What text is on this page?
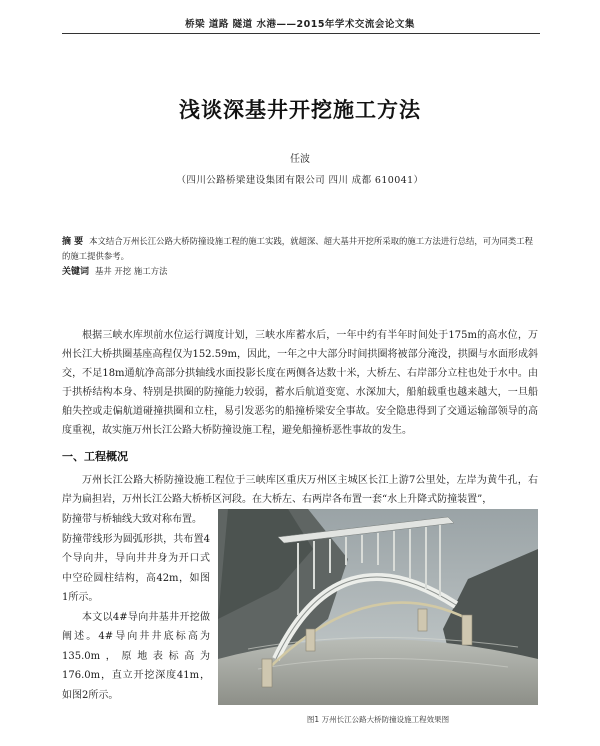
桥梁 道路 隧道 水港——2015年学术交流会论文集
浅谈深基井开挖施工方法
任波
（四川公路桥梁建设集团有限公司 四川 成都 610041）

摘 要 本文结合万州长江公路大桥防撞设施工程的施工实践，就超深、超大基井开挖所采取的施工方法进行总结，可为同类工程的施工提供参考。

关键词 基井 开挖 施工方法

根据三峡水库坝前水位运行调度计划，三峡水库蓄水后，一年中约有半年时间处于175m的高水位，万州长江大桥拱圈基座高程仅为152.59m，因此，一年之中大部分时间拱圈将被部分淹没，拱圈与水面形成斜交，不足18m通航净高部分拱轴线水面投影长度在两侧各达数十米，大桥左、右岸部分立柱也处于水中。由于拱桥结构本身、特别是拱圈的防撞能力较弱，蓄水后航道变宽、水深加大，船舶载重也越来越大，一旦船舶失控或走偏航道碰撞拱圈和立柱，易引发恶劣的船撞桥梁安全事故。安全隐患得到了交通运输部领导的高度重视，故实施万州长江公路大桥防撞设施工程，避免船撞桥恶性事故的发生。

一、工程概况

万州长江公路大桥防撞设施工程位于三峡库区重庆万州区主城区长江上游7公里处，左岸为黄牛孔，右岸为扁担岩，万州长江公路大桥桥区河段。在大桥左、右两岸各布置一套“水上升降式防撞装置”，

防撞带与桥轴线大致对称布置。
防撞带线形为圆弧形拱，共布置4个导向井，导向井井身为开口式中空砼圆柱结构，高42m，如图1所示。
本文以4#导向井基井开挖做阐述。4#导向井井底标高为135.0m，原地表标高为176.0m，直立开挖深度41m，如图2所示。
图1 万州长江公路大桥防撞设施工程效果图
